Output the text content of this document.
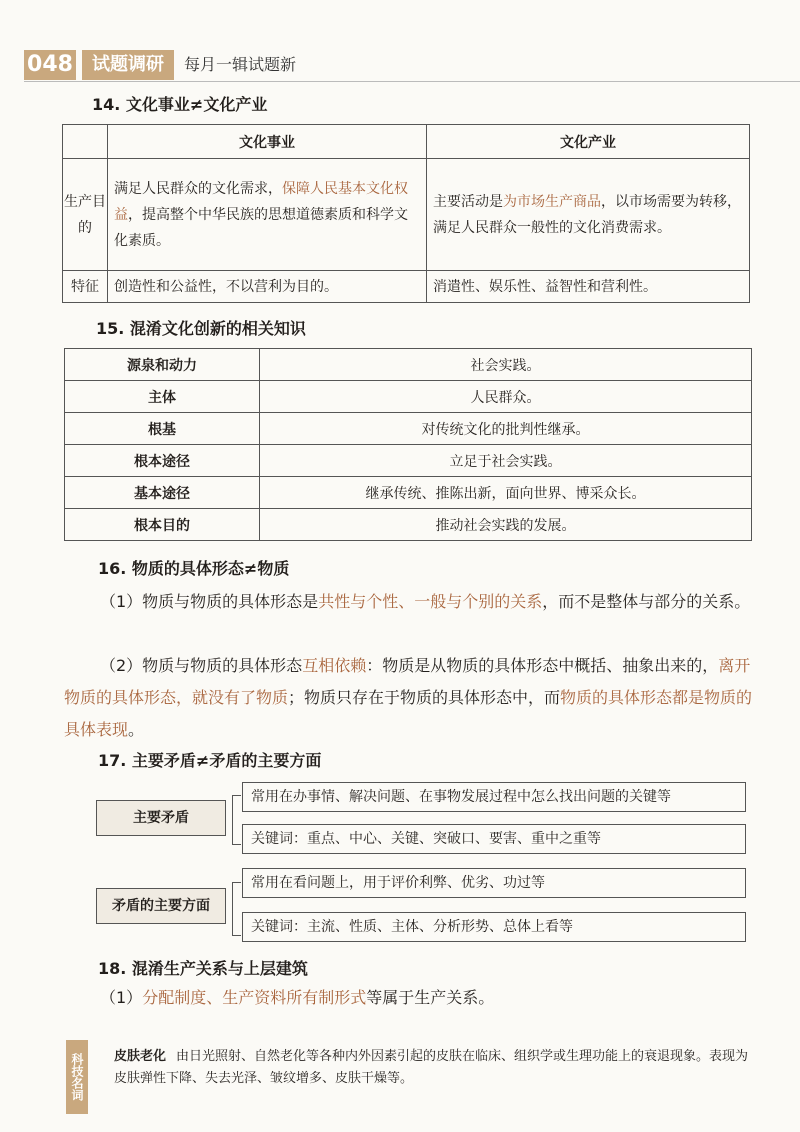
048	试题调研	每月一辑试题新
14. 文化事业≠文化产业
	文化事业	文化产业
生产目的	满足人民群众的文化需求，保障人民基本文化权益，提高整个中华民族的思想道德素质和科学文化素质。	主要活动是为市场生产商品，以市场需要为转移，满足人民群众一般性的文化消费需求。
特征	创造性和公益性，不以营利为目的。	消遣性、娱乐性、益智性和营利性。
15. 混淆文化创新的相关知识
源泉和动力	社会实践。
主体	人民群众。
根基	对传统文化的批判性继承。
根本途径	立足于社会实践。
基本途径	继承传统、推陈出新，面向世界、博采众长。
根本目的	推动社会实践的发展。
16. 物质的具体形态≠物质

（1）物质与物质的具体形态是共性与个性、一般与个别的关系，而不是整体与部分的关系。

（2）物质与物质的具体形态互相依赖：物质是从物质的具体形态中概括、抽象出来的，离开物质的具体形态，就没有了物质；物质只存在于物质的具体形态中，而物质的具体形态都是物质的具体表现。

17. 主要矛盾≠矛盾的主要方面
主要矛盾
常用在办事情、解决问题、在事物发展过程中怎么找出问题的关键等
关键词：重点、中心、关键、突破口、要害、重中之重等
矛盾的主要方面
常用在看问题上，用于评价利弊、优劣、功过等
关键词：主流、性质、主体、分析形势、总体上看等
18. 混淆生产关系与上层建筑

（1）分配制度、生产资料所有制形式等属于生产关系。

科技名词	皮肤老化 由日光照射、自然老化等各种内外因素引起的皮肤在临床、组织学或生理功能上的衰退现象。表现为皮肤弹性下降、失去光泽、皱纹增多、皮肤干燥等。
